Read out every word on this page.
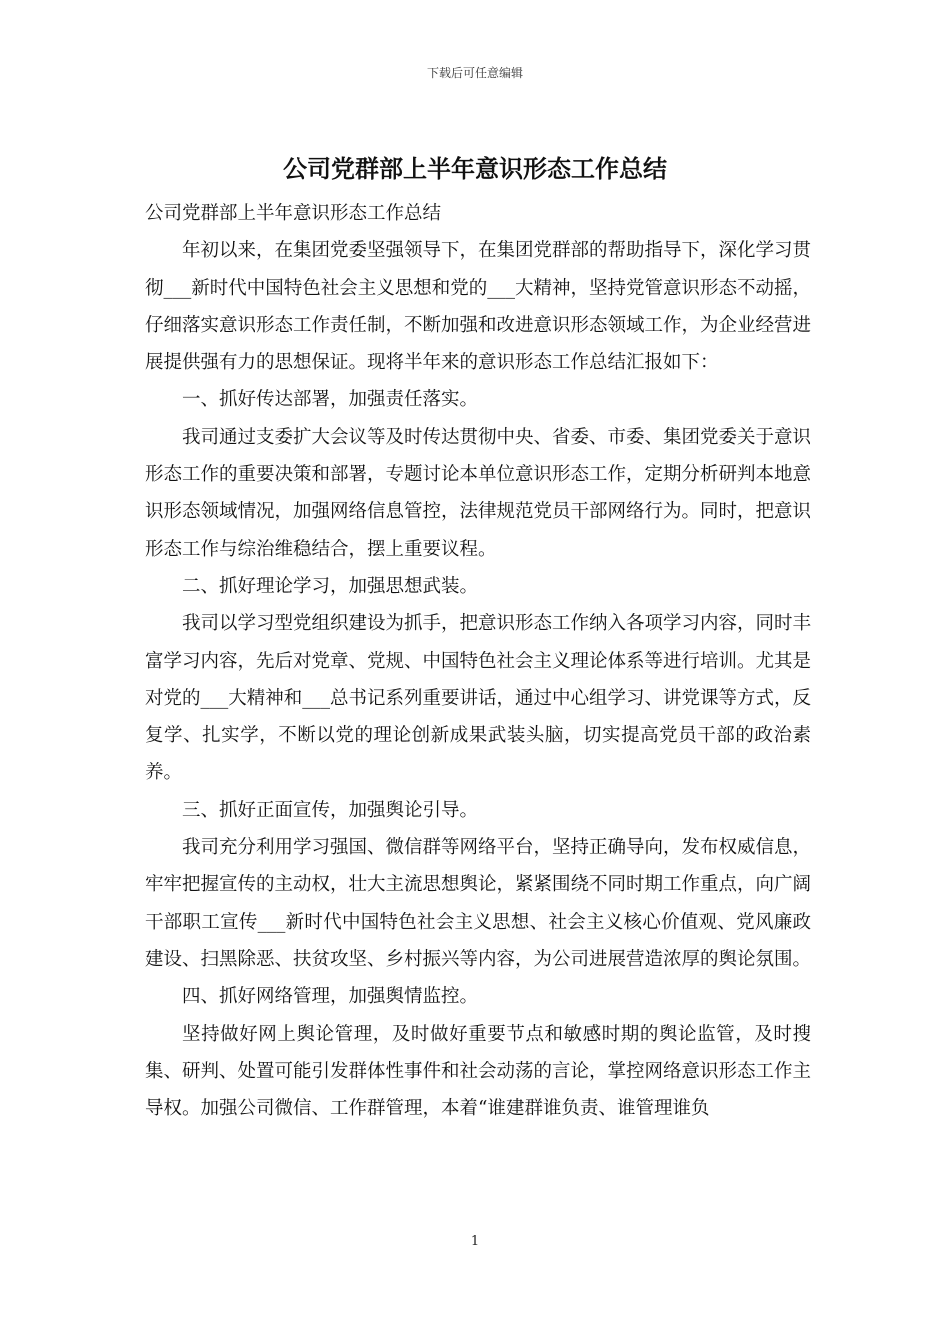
下载后可任意编辑
公司党群部上半年意识形态工作总结

公司党群部上半年意识形态工作总结

年初以来，在集团党委坚强领导下，在集团党群部的帮助指导下，深化学习贯彻___新时代中国特色社会主义思想和党的___大精神，坚持党管意识形态不动摇，仔细落实意识形态工作责任制，不断加强和改进意识形态领域工作，为企业经营进展提供强有力的思想保证。现将半年来的意识形态工作总结汇报如下：

一、抓好传达部署，加强责任落实。

我司通过支委扩大会议等及时传达贯彻中央、省委、市委、集团党委关于意识形态工作的重要决策和部署，专题讨论本单位意识形态工作，定期分析研判本地意识形态领域情况，加强网络信息管控，法律规范党员干部网络行为。同时，把意识形态工作与综治维稳结合，摆上重要议程。

二、抓好理论学习，加强思想武装。

我司以学习型党组织建设为抓手，把意识形态工作纳入各项学习内容，同时丰富学习内容，先后对党章、党规、中国特色社会主义理论体系等进行培训。尤其是对党的___大精神和___总书记系列重要讲话，通过中心组学习、讲党课等方式，反复学、扎实学，不断以党的理论创新成果武装头脑，切实提高党员干部的政治素养。

三、抓好正面宣传，加强舆论引导。

我司充分利用学习强国、微信群等网络平台，坚持正确导向，发布权威信息，牢牢把握宣传的主动权，壮大主流思想舆论，紧紧围绕不同时期工作重点，向广阔干部职工宣传___新时代中国特色社会主义思想、社会主义核心价值观、党风廉政建设、扫黑除恶、扶贫攻坚、乡村振兴等内容，为公司进展营造浓厚的舆论氛围。

四、抓好网络管理，加强舆情监控。

坚持做好网上舆论管理，及时做好重要节点和敏感时期的舆论监管，及时搜集、研判、处置可能引发群体性事件和社会动荡的言论，掌控网络意识形态工作主导权。加强公司微信、工作群管理，本着“谁建群谁负责、谁管理谁负

1
